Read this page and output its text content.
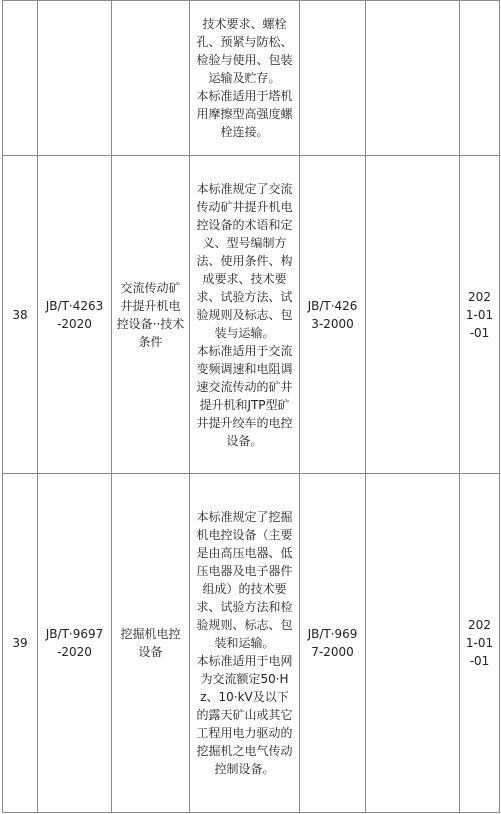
			技术要求、螺栓孔、预紧与防松、检验与使用、包装运输及贮存。
本标准适用于塔机用摩擦型高强度螺栓连接。			

38	JB/T·4263-2020	交流传动矿井提升机电控设备··技术条件	本标准规定了交流传动矿井提升机电控设备的术语和定义、型号编制方法、使用条件、构成要求、技术要求、试验方法、试验规则及标志、包装与运输。
本标准适用于交流变频调速和电阻调速交流传动的矿井提升机和JTP型矿井提升绞车的电控设备。	JB/T·4263-2000		2021-01-01

39	JB/T·9697-2020	挖掘机电控设备	本标准规定了挖掘机电控设备（主要是由高压电器、低压电器及电子器件组成）的技术要求、试验方法和检验规则、标志、包装和运输。
本标准适用于电网为交流额定50·Hz、10·kV及以下的露天矿山或其它工程用电力驱动的挖掘机之电气传动控制设备。	JB/T·9697-2000		2021-01-01
